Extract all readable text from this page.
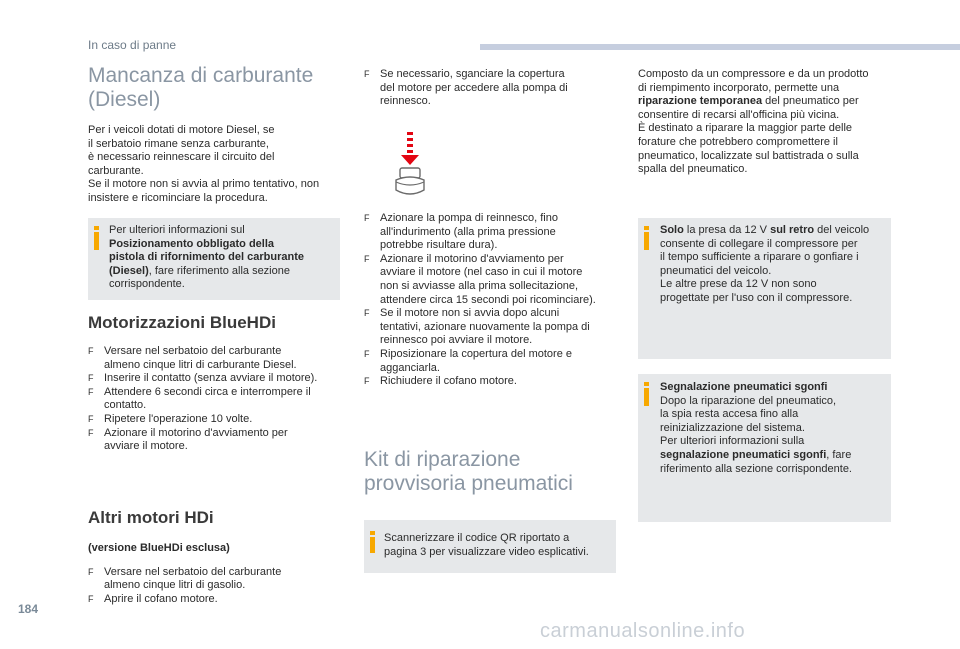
In caso di panne
Mancanza di carburante
(Diesel)
Per i veicoli dotati di motore Diesel, se
il serbatoio rimane senza carburante,
è necessario reinnescare il circuito del
carburante.
Se il motore non si avvia al primo tentativo, non
insistere e ricominciare la procedura.
Per ulteriori informazioni sul
Posizionamento obbligato della
pistola di rifornimento del carburante
(Diesel), fare riferimento alla sezione
corrispondente.
Motorizzazioni BlueHDi
F Versare nel serbatoio del carburante
almeno cinque litri di carburante Diesel.
F Inserire il contatto (senza avviare il motore).
F Attendere 6 secondi circa e interrompere il
contatto.
F Ripetere l'operazione 10 volte.
F Azionare il motorino d'avviamento per
avviare il motore.
Altri motori HDi
(versione BlueHDi esclusa)
F Versare nel serbatoio del carburante
almeno cinque litri di gasolio.
F Aprire il cofano motore.
F Se necessario, sganciare la copertura
del motore per accedere alla pompa di
reinnesco.
F Azionare la pompa di reinnesco, fino
all'indurimento (alla prima pressione
potrebbe risultare dura).
F Azionare il motorino d'avviamento per
avviare il motore (nel caso in cui il motore
non si avviasse alla prima sollecitazione,
attendere circa 15 secondi poi ricominciare).
F Se il motore non si avvia dopo alcuni
tentativi, azionare nuovamente la pompa di
reinnesco poi avviare il motore.
F Riposizionare la copertura del motore e
agganciarla.
F Richiudere il cofano motore.
Kit di riparazione
provvisoria pneumatici
Scannerizzare il codice QR riportato a
pagina 3 per visualizzare video esplicativi.
Composto da un compressore e da un prodotto
di riempimento incorporato, permette una
riparazione temporanea del pneumatico per
consentire di recarsi all'officina più vicina.
È destinato a riparare la maggior parte delle
forature che potrebbero compromettere il
pneumatico, localizzate sul battistrada o sulla
spalla del pneumatico.
Solo la presa da 12 V sul retro del veicolo
consente di collegare il compressore per
il tempo sufficiente a riparare o gonfiare i
pneumatici del veicolo.
Le altre prese da 12 V non sono
progettate per l'uso con il compressore.
Segnalazione pneumatici sgonfi
Dopo la riparazione del pneumatico,
la spia resta accesa fino alla
reinizializzazione del sistema.
Per ulteriori informazioni sulla
segnalazione pneumatici sgonfi, fare
riferimento alla sezione corrispondente.
184
carmanualsonline.info
